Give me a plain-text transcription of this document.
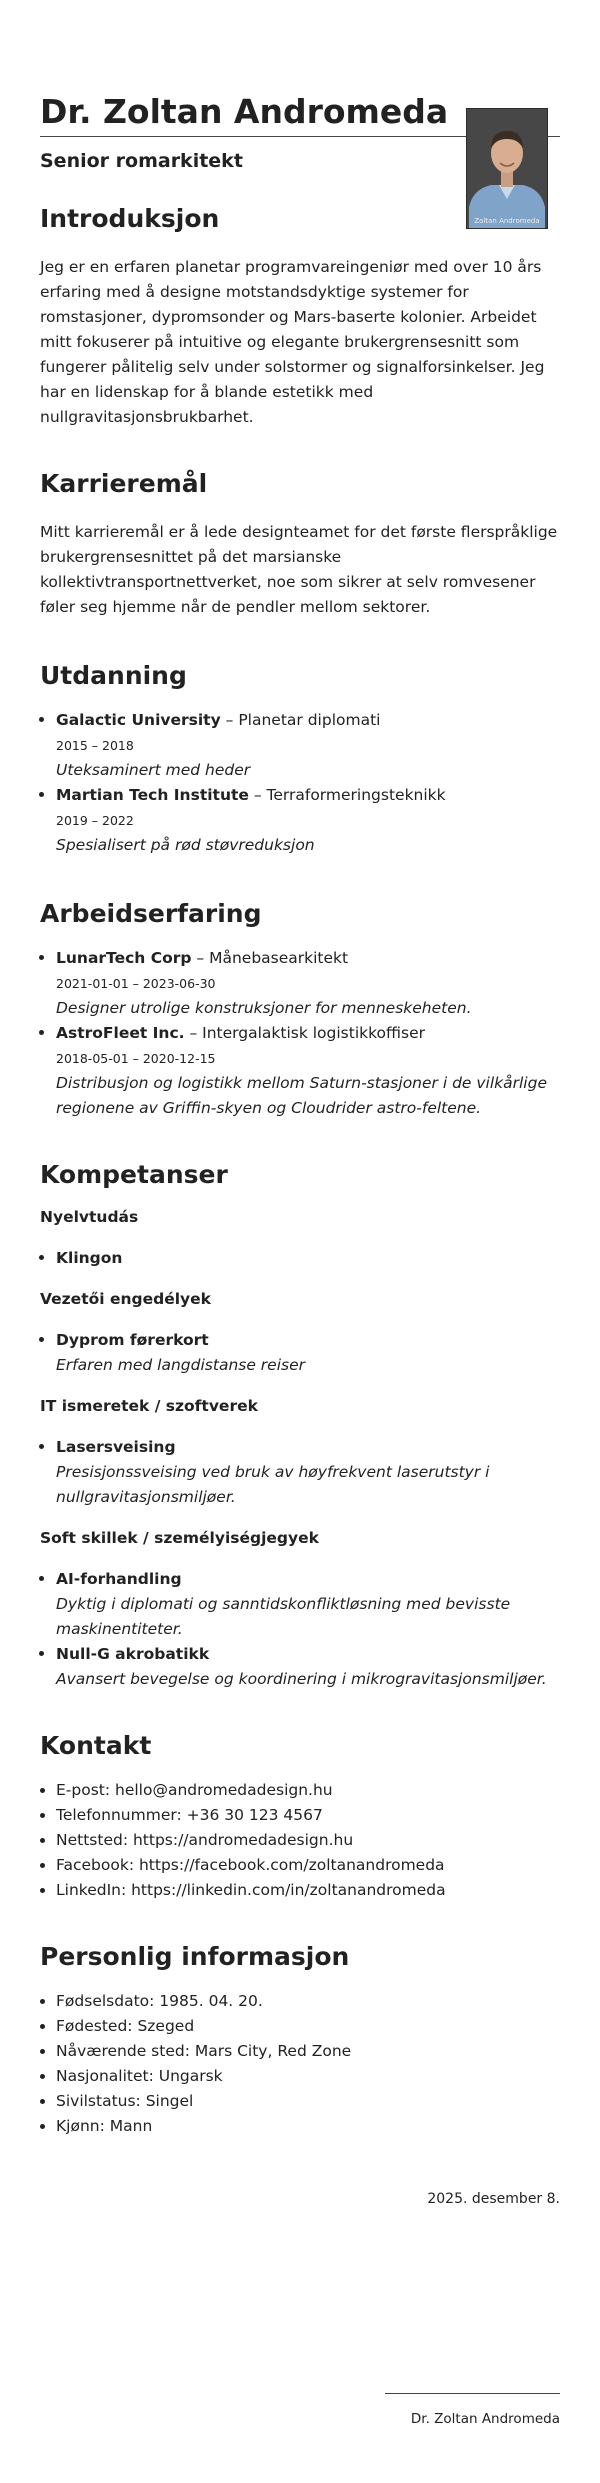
Dr. Zoltan Andromeda

Senior romarkitekt

Zoltan Andromeda
Introduksjon

Jeg er en erfaren planetar programvareingeniør med over 10 års erfaring med å designe motstandsdyktige systemer for romstasjoner, dypromsonder og Mars-baserte kolonier. Arbeidet mitt fokuserer på intuitive og elegante brukergrensesnitt som fungerer pålitelig selv under solstormer og signalforsinkelser. Jeg har en lidenskap for å blande estetikk med nullgravitasjonsbrukbarhet.

Karrieremål

Mitt karrieremål er å lede designteamet for det første flerspråklige brukergrensesnittet på det marsianske kollektivtransportnettverket, noe som sikrer at selv romvesener føler seg hjemme når de pendler mellom sektorer.

Utdanning
• Galactic University – Planetar diplomati
2015 – 2018
Uteksaminert med heder
• Martian Tech Institute – Terraformeringsteknikk
2019 – 2022
Spesialisert på rød støvreduksjon
Arbeidserfaring
• LunarTech Corp – Månebasearkitekt
2021-01-01 – 2023-06-30
Designer utrolige konstruksjoner for menneskeheten.
• AstroFleet Inc. – Intergalaktisk logistikkoffiser
2018-05-01 – 2020-12-15
Distribusjon og logistikk mellom Saturn-stasjoner i de vilkårlige regionene av Griffin-skyen og Cloudrider astro-feltene.
Kompetanser

Nyelvtudás

• Klingon

Vezetői engedélyek

• Dyprom førerkort
Erfaren med langdistanse reiser

IT ismeretek / szoftverek

• Lasersveising
Presisjonssveising ved bruk av høyfrekvent laserutstyr i nullgravitasjonsmiljøer.

Soft skillek / személyiségjegyek

• AI-forhandling
Dyktig i diplomati og sanntidskonfliktløsning med bevisste maskinentiteter.
• Null-G akrobatikk
Avansert bevegelse og koordinering i mikrogravitasjonsmiljøer.
Kontakt
• E-post: hello@andromedadesign.hu
• Telefonnummer: +36 30 123 4567
• Nettsted: https://andromedadesign.hu
• Facebook: https://facebook.com/zoltanandromeda
• LinkedIn: https://linkedin.com/in/zoltanandromeda
Personlig informasjon
• Fødselsdato: 1985. 04. 20.
• Fødested: Szeged
• Nåværende sted: Mars City, Red Zone
• Nasjonalitet: Ungarsk
• Sivilstatus: Singel
• Kjønn: Mann
2025. desember 8.
Dr. Zoltan Andromeda
